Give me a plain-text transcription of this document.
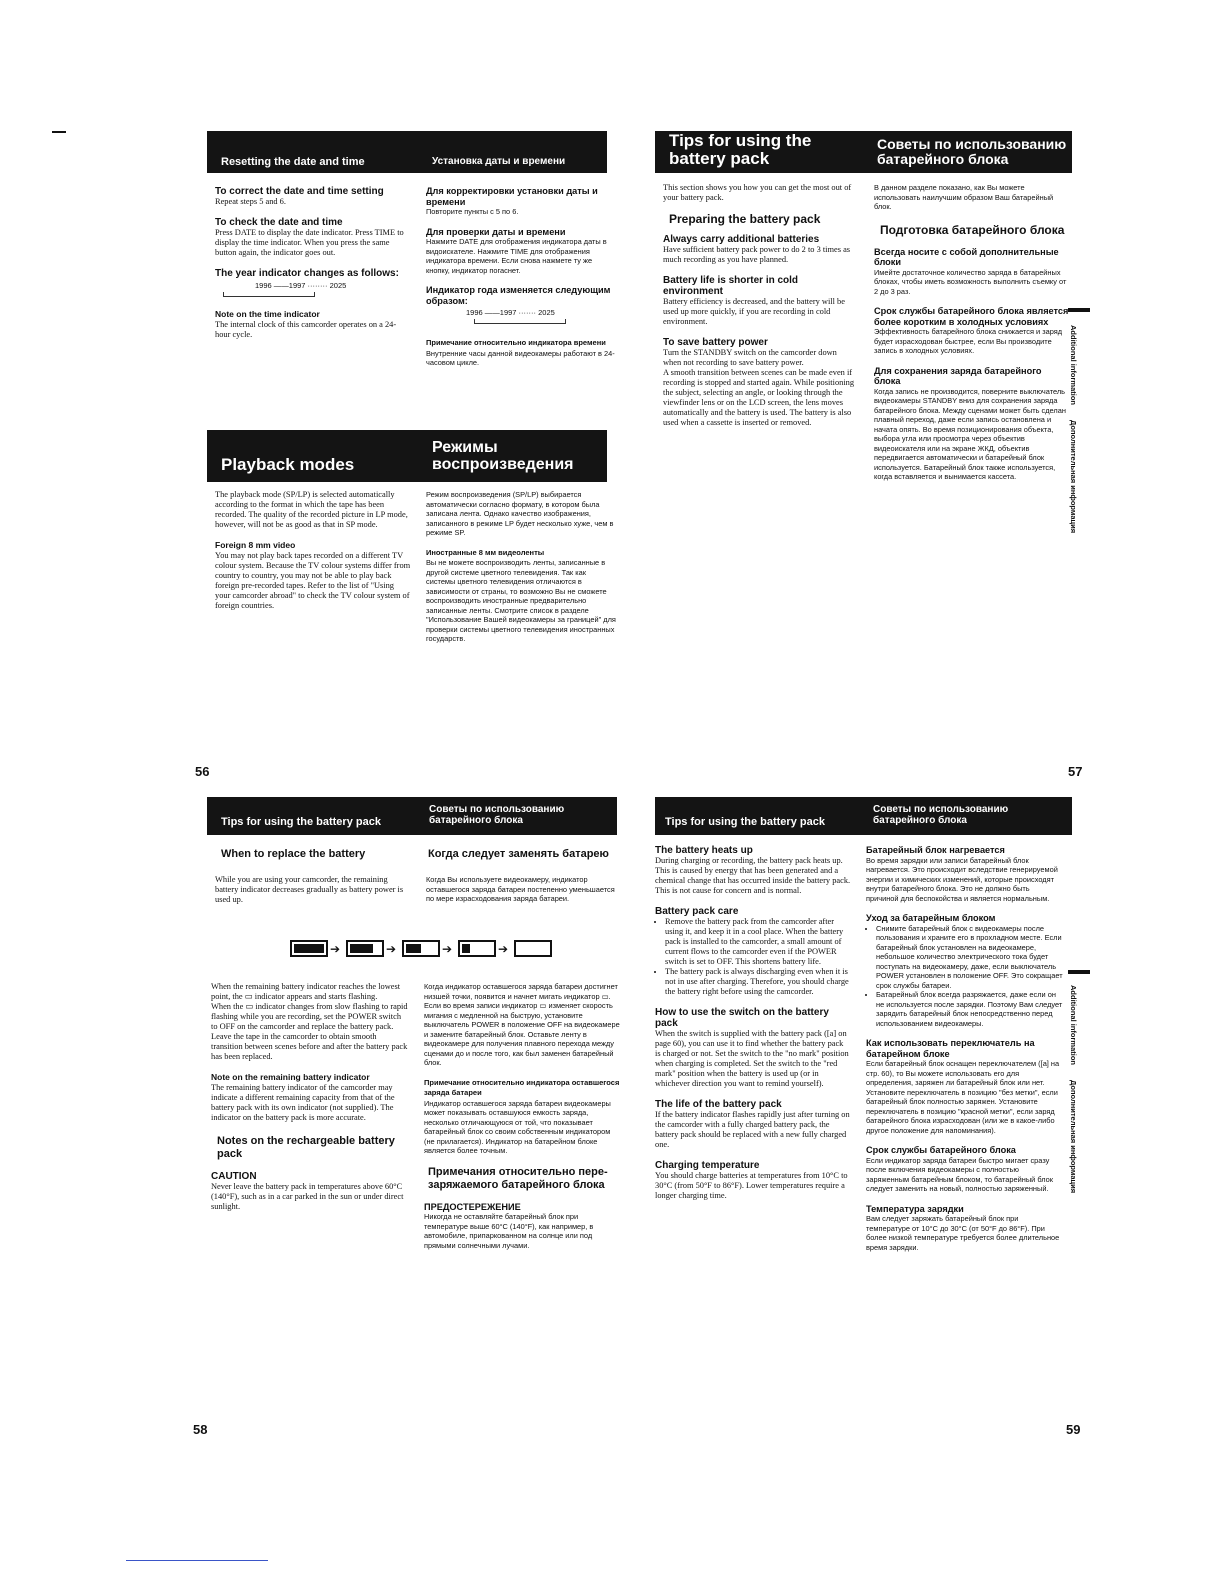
Resetting the date and time	Установка даты и времени

To correct the date and time setting

Repeat steps 5 and 6.

To check the date and time

Press DATE to display the date indicator. Press TIME to display the time indicator. When you press the same button again, the indicator goes out.

The year indicator changes as follows:

1996 ——1997 ········ 2025

Note on the time indicator

The internal clock of this camcorder operates on a 24-hour cycle.

Для корректировки установки даты и времени

Повторите пункты с 5 по 6.

Для проверки даты и времени

Нажмите DATE для отображения индикатора даты в видоискателе. Нажмите TIME для отображения индикатора времени. Если снова нажмете ту же кнопку, индикатор погаснет.

Индикатор года изменяется следующим образом:

1996 ——1997 ······· 2025

Примечание относительно индикатора времени

Внутренние часы данной видеокамеры работают в 24-часовом цикле.

Playback modes
Режимы
воспроизведения

The playback mode (SP/LP) is selected automatically according to the format in which the tape has been recorded. The quality of the recorded picture in LP mode, however, will not be as good as that in SP mode.

Foreign 8 mm video

You may not play back tapes recorded on a different TV colour system. Because the TV colour systems differ from country to country, you may not be able to play back foreign pre-recorded tapes. Refer to the list of "Using your camcorder abroad" to check the TV colour system of foreign countries.

Режим воспроизведения (SP/LP) выбирается автоматически согласно формату, в котором была записана лента. Однако качество изображения, записанного в режиме LP будет несколько хуже, чем в режиме SP.

Иностранные 8 мм видеоленты

Вы не можете воспроизводить ленты, записанные в другой системе цветного телевидения. Так как системы цветного телевидения отличаются в зависимости от страны, то возможно Вы не сможете воспроизводить иностранные предварительно записанные ленты. Смотрите список в разделе "Использование Вашей видеокамеры за границей" для проверки системы цветного телевидения иностранных государств.

56
Tips for using the
battery pack
Советы по использованию
батарейного блока

This section shows you how you can get the most out of your battery pack.

Preparing the battery pack

Always carry additional batteries

Have sufficient battery pack power to do 2 to 3 times as much recording as you have planned.

Battery life is shorter in cold environment

Battery efficiency is decreased, and the battery will be used up more quickly, if you are recording in cold environment.

To save battery power

Turn the STANDBY switch on the camcorder down when not recording to save battery power.
A smooth transition between scenes can be made even if recording is stopped and started again. While positioning the subject, selecting an angle, or looking through the viewfinder lens or on the LCD screen, the lens moves automatically and the battery is used. The battery is also used when a cassette is inserted or removed.

В данном разделе показано, как Вы можете использовать наилучшим образом Ваш батарейный блок.

Подготовка батарейного блока

Всегда носите с собой дополнительные блоки

Имейте достаточное количество заряда в батарейных блоках, чтобы иметь возможность выполнить съемку от 2 до 3 раз.

Срок службы батарейного блока является более коротким в холодных условиях

Эффективность батарейного блока снижается и заряд будет израсходован быстрее, если Вы производите запись в холодных условиях.

Для сохранения заряда батарейного блока

Когда запись не производится, поверните выключатель видеокамеры STANDBY вниз для сохранения заряда батарейного блока. Между сценами может быть сделан плавный переход, даже если запись остановлена и начата опять. Во время позиционирования объекта, выбора угла или просмотра через объектив видеоискателя или на экране ЖКД, объектив передвигается автоматически и батарейный блок используется. Батарейный блок также используется, когда вставляется и вынимается кассета.

Additional information
Дополнительная информация
57
Tips for using the battery pack
Советы по использованию
батарейного блока

When to replace the battery

While you are using your camcorder, the remaining battery indicator decreases gradually as battery power is used up.

Когда следует заменять батарею

Когда Вы используете видеокамеру, индикатор оставшегося заряда батареи постепенно уменьшается по мере израсходования заряда батареи.

➔	➔	➔	➔

When the remaining battery indicator reaches the lowest point, the ▭ indicator appears and starts flashing.
When the ▭ indicator changes from slow flashing to rapid flashing while you are recording, set the POWER switch to OFF on the camcorder and replace the battery pack. Leave the tape in the camcorder to obtain smooth transition between scenes before and after the battery pack has been replaced.

Note on the remaining battery indicator

The remaining battery indicator of the camcorder may indicate a different remaining capacity from that of the battery pack with its own indicator (not supplied). The indicator on the battery pack is more accurate.

Notes on the rechargeable battery pack

CAUTION

Never leave the battery pack in temperatures above 60°C (140°F), such as in a car parked in the sun or under direct sunlight.

Когда индикатор оставшегося заряда батареи достигнет низшей точки, появится и начнет мигать индикатор ▭.
Если во время записи индикатор ▭ изменяет скорость мигания с медленной на быструю, установите выключатель POWER в положение OFF на видеокамере и замените батарейный блок. Оставьте ленту в видеокамере для получения плавного перехода между сценами до и после того, как был заменен батарейный блок.

Примечание относительно индикатора оставшегося заряда батареи

Индикатор оставшегося заряда батареи видеокамеры может показывать оставшуюся емкость заряда, несколько отличающуюся от той, что показывает батарейный блок со своим собственным индикатором (не прилагается). Индикатор на батарейном блоке является более точным.

Примечания относительно пере-заряжаемого батарейного блока

ПРЕДОСТЕРЕЖЕНИЕ

Никогда не оставляйте батарейный блок при температуре выше 60°C (140°F), как например, в автомобиле, припаркованном на солнце или под прямыми солнечными лучами.

58
Tips for using the battery pack
Советы по использованию
батарейного блока

The battery heats up

During charging or recording, the battery pack heats up. This is caused by energy that has been generated and a chemical change that has occurred inside the battery pack. This is not cause for concern and is normal.

Battery pack care

• Remove the battery pack from the camcorder after using it, and keep it in a cool place. When the battery pack is installed to the camcorder, a small amount of current flows to the camcorder even if the POWER switch is set to OFF. This shortens battery life.
• The battery pack is always discharging even when it is not in use after charging. Therefore, you should charge the battery right before using the camcorder.

How to use the switch on the battery pack

When the switch is supplied with the battery pack ([a] on page 60), you can use it to find whether the battery pack is charged or not. Set the switch to the "no mark" position when charging is completed. Set the switch to the "red mark" position when the battery is used up (or in whichever direction you want to remind yourself).

The life of the battery pack

If the battery indicator flashes rapidly just after turning on the camcorder with a fully charged battery pack, the battery pack should be replaced with a new fully charged one.

Charging temperature

You should charge batteries at temperatures from 10°C to 30°C (from 50°F to 86°F). Lower temperatures require a longer charging time.

Батарейный блок нагревается

Во время зарядки или записи батарейный блок нагревается. Это происходит вследствие генерируемой энергии и химических изменений, которые происходят внутри батарейного блока. Это не должно быть причиной для беспокойства и является нормальным.

Уход за батарейным блоком

• Снимите батарейный блок с видеокамеры после пользования и храните его в прохладном месте. Если батарейный блок установлен на видеокамере, небольшое количество электрического тока будет поступать на видеокамеру, даже, если выключатель POWER установлен в положение OFF. Это сокращает срок службы батареи.
• Батарейный блок всегда разряжается, даже если он не используется после зарядки. Поэтому Вам следует зарядить батарейный блок непосредственно перед использованием видеокамеры.

Как использовать переключатель на батарейном блоке

Если батарейный блок оснащен переключателем ([a] на стр. 60), то Вы можете использовать его для определения, заряжен ли батарейный блок или нет. Установите переключатель в позицию "без метки", если батарейный блок полностью заряжен. Установите переключатель в позицию "красной метки", если заряд батарейного блока израсходован (или же в какое-либо другое положение для напоминания).

Срок службы батарейного блока

Если индикатор заряда батареи быстро мигает сразу после включения видеокамеры с полностью заряженным батарейным блоком, то батарейный блок следует заменить на новый, полностью заряженный.

Температура зарядки

Вам следует заряжать батарейный блок при температуре от 10°C до 30°C (от 50°F до 86°F). При более низкой температуре требуется более длительное время зарядки.

Additional information
Дополнительная информация
59
